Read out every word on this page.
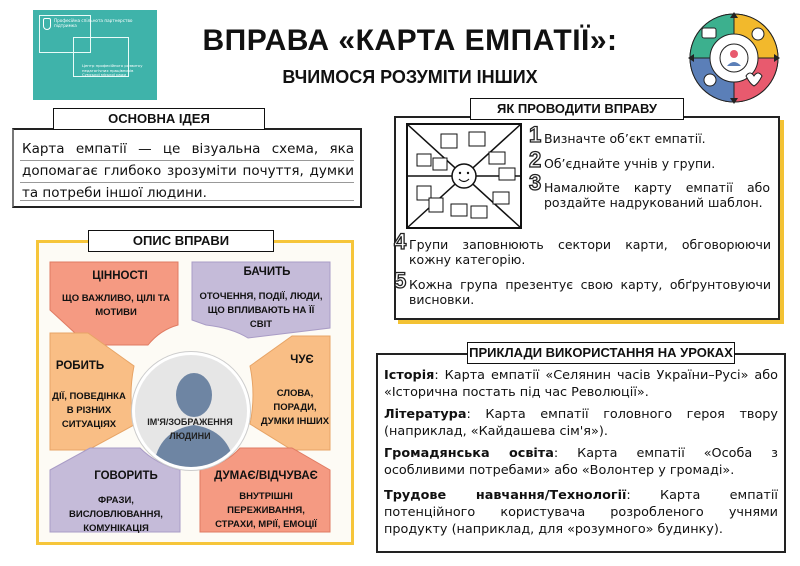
Професійна спільнота партнерство підтримка
Центр професійного розвитку педагогічних працівників Сумської міської ради
ВПРАВА «КАРТА ЕМПАТІЇ»:
ВЧИМОСЯ РОЗУМІТИ ІНШИХ
ОСНОВНА ІДЕЯ
Карта емпатії — це візуальна схема, яка допомагає глибоко зрозуміти почуття, думки та потреби іншої людини.
ЯК ПРОВОДИТИ ВПРАВУ
1 Визначте об’єкт емпатії.
2 Об’єднайте учнів у групи.
3 Намалюйте карту емпатії або роздайте надрукований шаблон.
4 Групи заповнюють сектори карти, обговорюючи кожну категорію.
5 Кожна група презентує свою карту, обґрунтовуючи висновки.
ОПИС ВПРАВИ
ІМ'Я/ЗОБРАЖЕННЯ ЛЮДИНИ
ЦІННОСТІ
ЩО ВАЖЛИВО, ЦІЛІ ТА МОТИВИ
БАЧИТЬ
ОТОЧЕННЯ, ПОДІЇ, ЛЮДИ, ЩО ВПЛИВАЮТЬ НА ЇЇ СВІТ
РОБИТЬ
ДІЇ, ПОВЕДІНКА В РІЗНИХ СИТУАЦІЯХ
ЧУЄ
СЛОВА, ПОРАДИ, ДУМКИ ІНШИХ
ГОВОРИТЬ
ФРАЗИ, ВИСЛОВЛЮВАННЯ, КОМУНІКАЦІЯ
ДУМАЄ/ВІДЧУВАЄ
ВНУТРІШНІ ПЕРЕЖИВАННЯ, СТРАХИ, МРІЇ, ЕМОЦІЇ
ПРИКЛАДИ ВИКОРИСТАННЯ НА УРОКАХ
Історія: Карта емпатії «Селянин часів України–Русі» або «Історична постать під час Революції».
Література: Карта емпатії головного героя твору (наприклад, «Кайдашева сім'я»).
Громадянська освіта: Карта емпатії «Особа з особливими потребами» або «Волонтер у громаді».
Трудове навчання/Технології: Карта емпатії потенційного користувача розробленого учнями продукту (наприклад, для «розумного» будинку).
